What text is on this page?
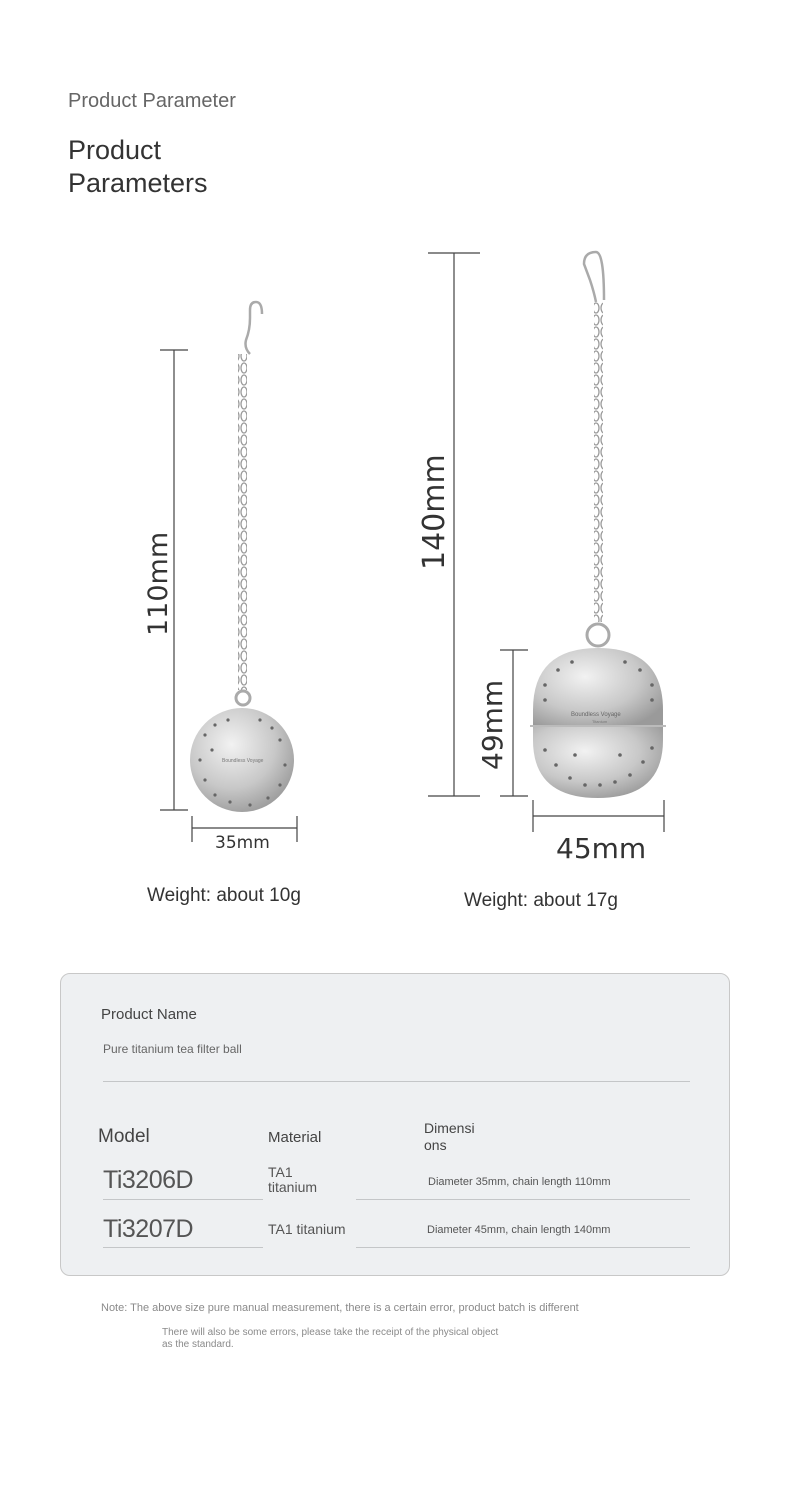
Product Parameter
Product Parameters
Boundless Voyage
110mm
35mm
Boundless Voyage
Titanium
140mm
49mm
45mm
Weight: about 10g	Weight: about 17g
Product Name
Pure titanium tea filter ball
Model	Material
Dimensi ons
Ti3206D	TA1 titanium	Diameter 35mm, chain length 110mm
Ti3207D	TA1 titanium	Diameter 45mm, chain length 140mm
Note: The above size pure manual measurement, there is a certain error, product batch is different
There will also be some errors, please take the receipt of the physical object as the standard.
